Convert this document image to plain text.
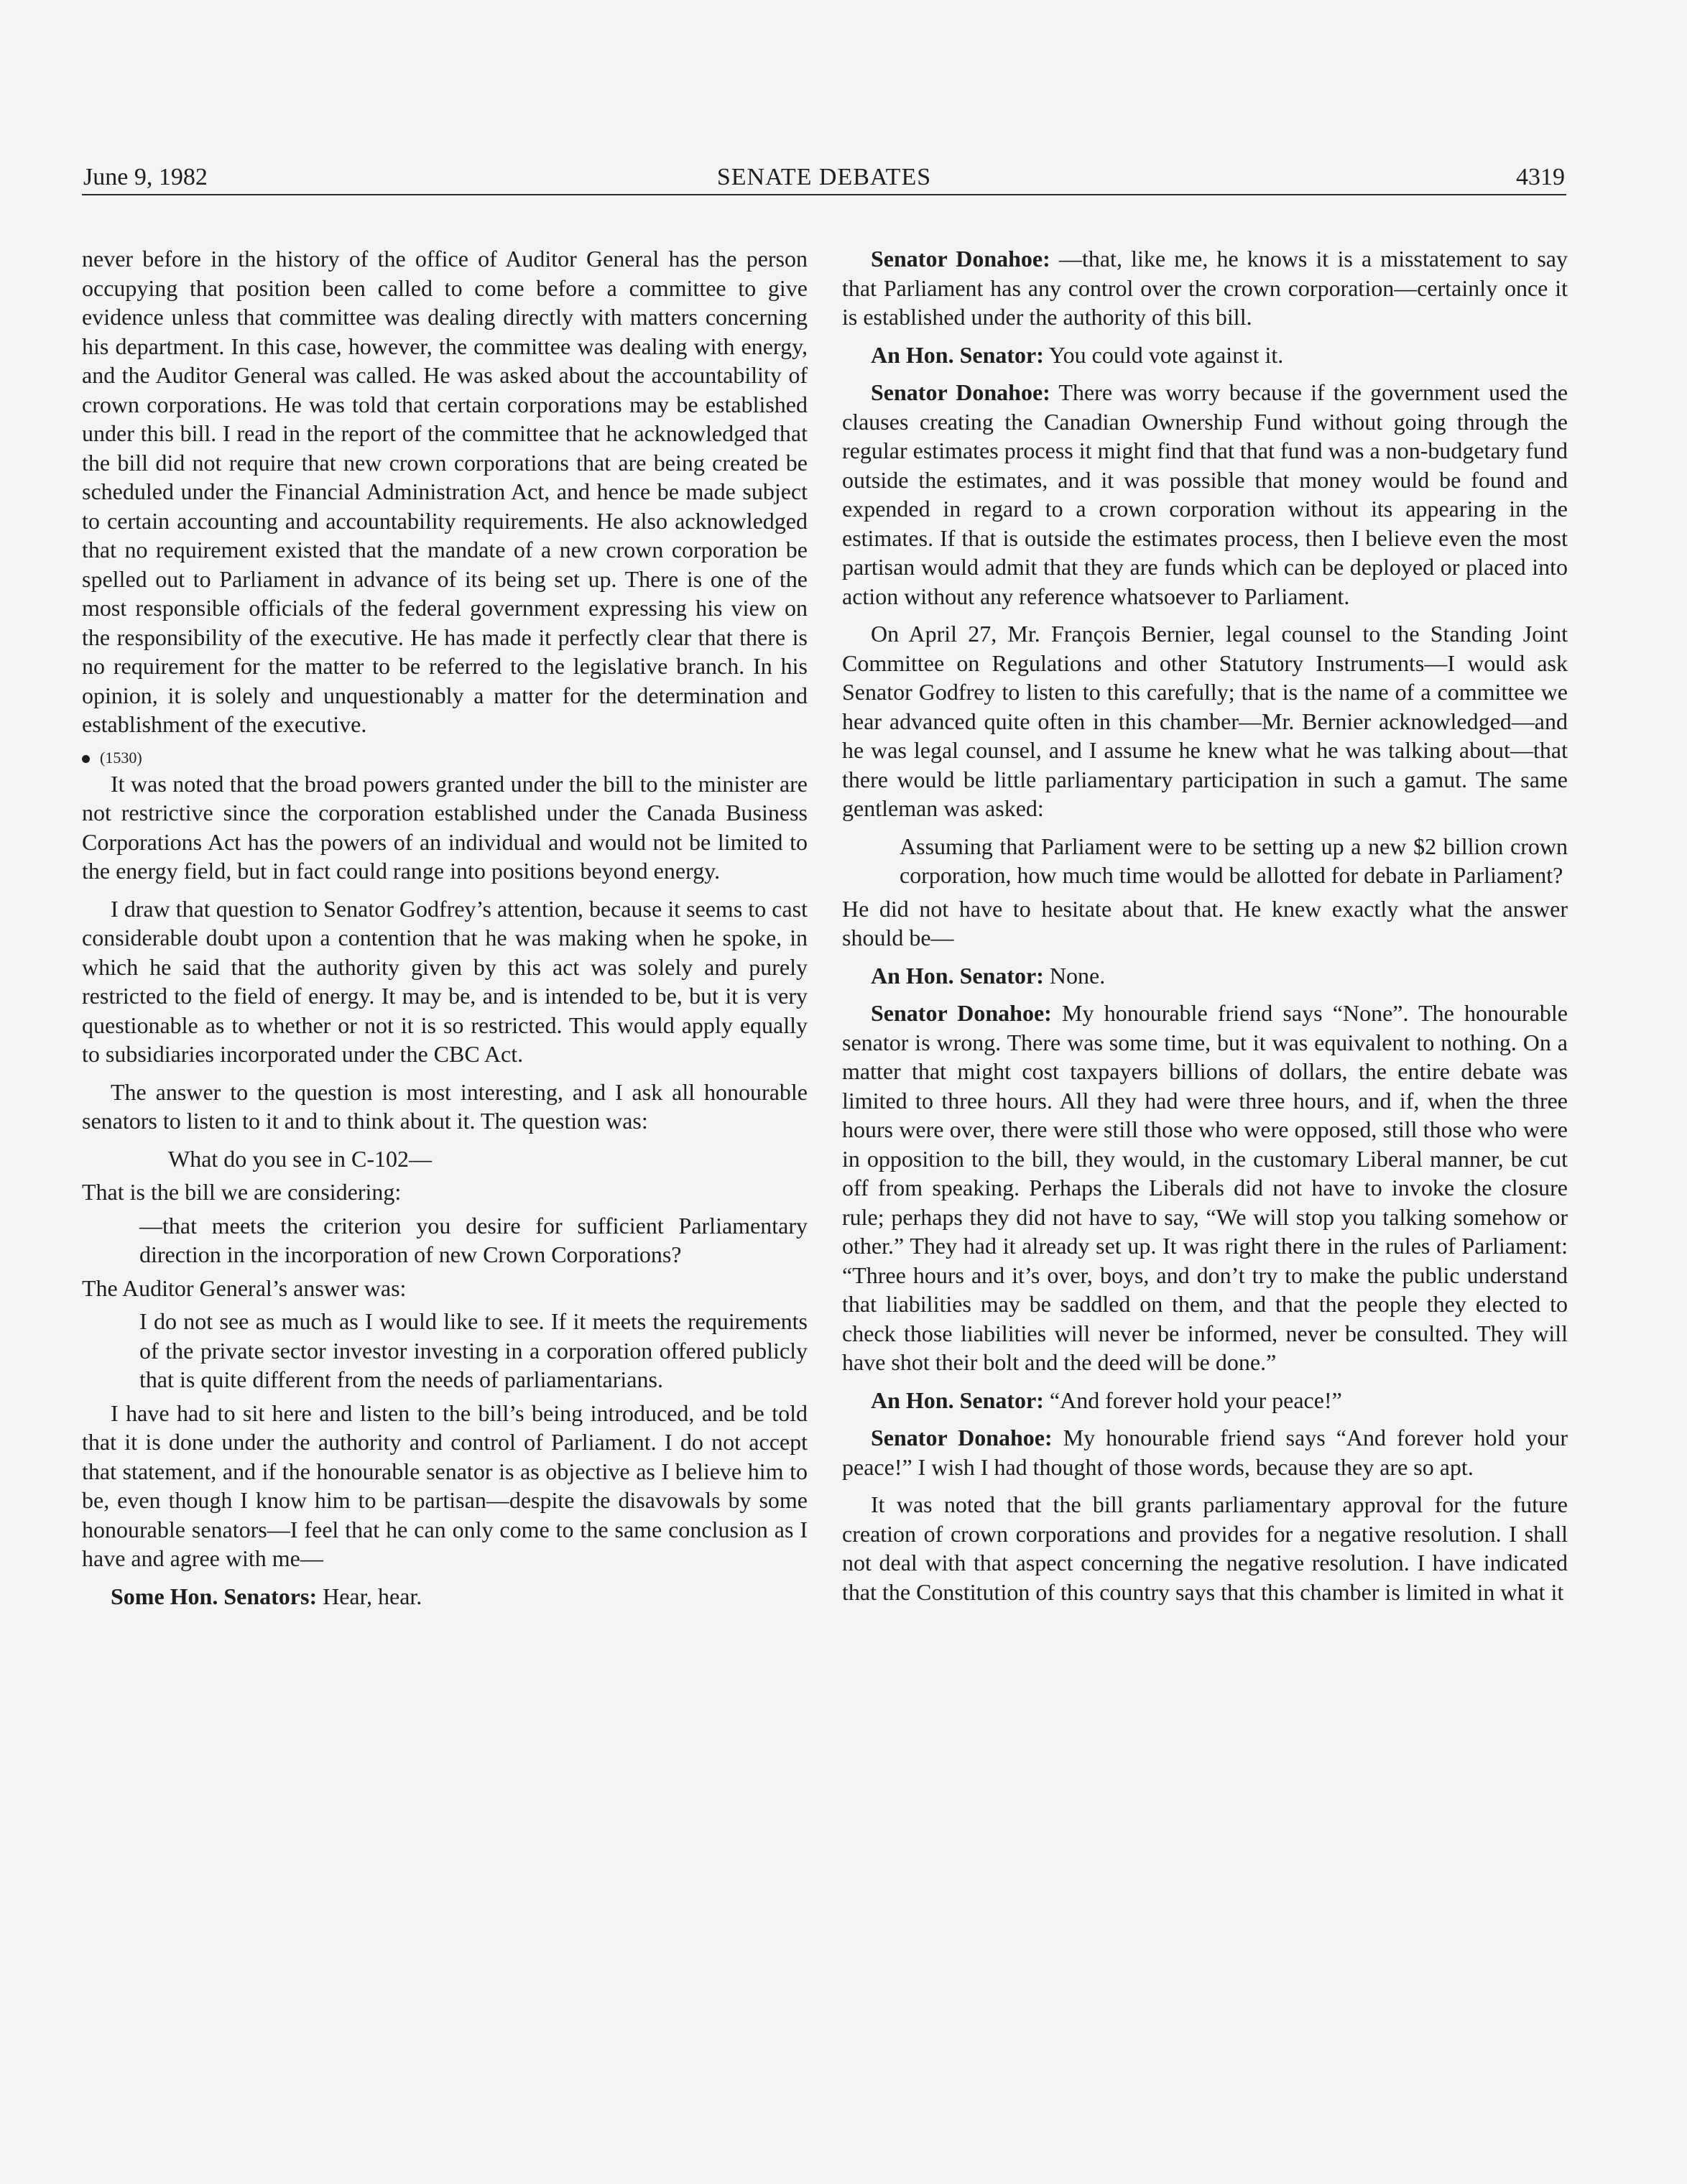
June 9, 1982	SENATE DEBATES	4319

never before in the history of the office of Auditor General has the person occupying that position been called to come before a committee to give evidence unless that committee was dealing directly with matters concerning his department. In this case, however, the committee was dealing with energy, and the Auditor General was called. He was asked about the accountability of crown corporations. He was told that certain corporations may be established under this bill. I read in the report of the committee that he acknowledged that the bill did not require that new crown corporations that are being created be scheduled under the Financial Administration Act, and hence be made subject to certain accounting and accountability requirements. He also acknowledged that no requirement existed that the mandate of a new crown corporation be spelled out to Parliament in advance of its being set up. There is one of the most responsible officials of the federal government expressing his view on the responsibility of the executive. He has made it perfectly clear that there is no requirement for the matter to be referred to the legislative branch. In his opinion, it is solely and unquestionably a matter for the determination and establishment of the executive.

(1530)

It was noted that the broad powers granted under the bill to the minister are not restrictive since the corporation established under the Canada Business Corporations Act has the powers of an individual and would not be limited to the energy field, but in fact could range into positions beyond energy.

I draw that question to Senator Godfrey’s attention, because it seems to cast considerable doubt upon a contention that he was making when he spoke, in which he said that the authority given by this act was solely and purely restricted to the field of energy. It may be, and is intended to be, but it is very questionable as to whether or not it is so restricted. This would apply equally to subsidiaries incorporated under the CBC Act.

The answer to the question is most interesting, and I ask all honourable senators to listen to it and to think about it. The question was:

What do you see in C-102—

That is the bill we are considering:

—that meets the criterion you desire for sufficient Parliamentary direction in the incorporation of new Crown Corporations?

The Auditor General’s answer was:

I do not see as much as I would like to see. If it meets the requirements of the private sector investor investing in a corporation offered publicly that is quite different from the needs of parliamentarians.

I have had to sit here and listen to the bill’s being introduced, and be told that it is done under the authority and control of Parliament. I do not accept that statement, and if the honourable senator is as objective as I believe him to be, even though I know him to be partisan—despite the disavowals by some honourable senators—I feel that he can only come to the same conclusion as I have and agree with me—

Some Hon. Senators: Hear, hear.

Senator Donahoe: —that, like me, he knows it is a misstatement to say that Parliament has any control over the crown corporation—certainly once it is established under the authority of this bill.

An Hon. Senator: You could vote against it.

Senator Donahoe: There was worry because if the government used the clauses creating the Canadian Ownership Fund without going through the regular estimates process it might find that that fund was a non-budgetary fund outside the estimates, and it was possible that money would be found and expended in regard to a crown corporation without its appearing in the estimates. If that is outside the estimates process, then I believe even the most partisan would admit that they are funds which can be deployed or placed into action without any reference whatsoever to Parliament.

On April 27, Mr. François Bernier, legal counsel to the Standing Joint Committee on Regulations and other Statutory Instruments—I would ask Senator Godfrey to listen to this carefully; that is the name of a committee we hear advanced quite often in this chamber—Mr. Bernier acknowledged—and he was legal counsel, and I assume he knew what he was talking about—that there would be little parliamentary participation in such a gamut. The same gentleman was asked:

Assuming that Parliament were to be setting up a new $2 billion crown corporation, how much time would be allotted for debate in Parliament?

He did not have to hesitate about that. He knew exactly what the answer should be—

An Hon. Senator: None.

Senator Donahoe: My honourable friend says “None”. The honourable senator is wrong. There was some time, but it was equivalent to nothing. On a matter that might cost taxpayers billions of dollars, the entire debate was limited to three hours. All they had were three hours, and if, when the three hours were over, there were still those who were opposed, still those who were in opposition to the bill, they would, in the customary Liberal manner, be cut off from speaking. Perhaps the Liberals did not have to invoke the closure rule; perhaps they did not have to say, “We will stop you talking somehow or other.” They had it already set up. It was right there in the rules of Parliament: “Three hours and it’s over, boys, and don’t try to make the public understand that liabilities may be saddled on them, and that the people they elected to check those liabilities will never be informed, never be consulted. They will have shot their bolt and the deed will be done.”

An Hon. Senator: “And forever hold your peace!”

Senator Donahoe: My honourable friend says “And forever hold your peace!” I wish I had thought of those words, because they are so apt.

It was noted that the bill grants parliamentary approval for the future creation of crown corporations and provides for a negative resolution. I shall not deal with that aspect concerning the negative resolution. I have indicated that the Constitution of this country says that this chamber is limited in what it
